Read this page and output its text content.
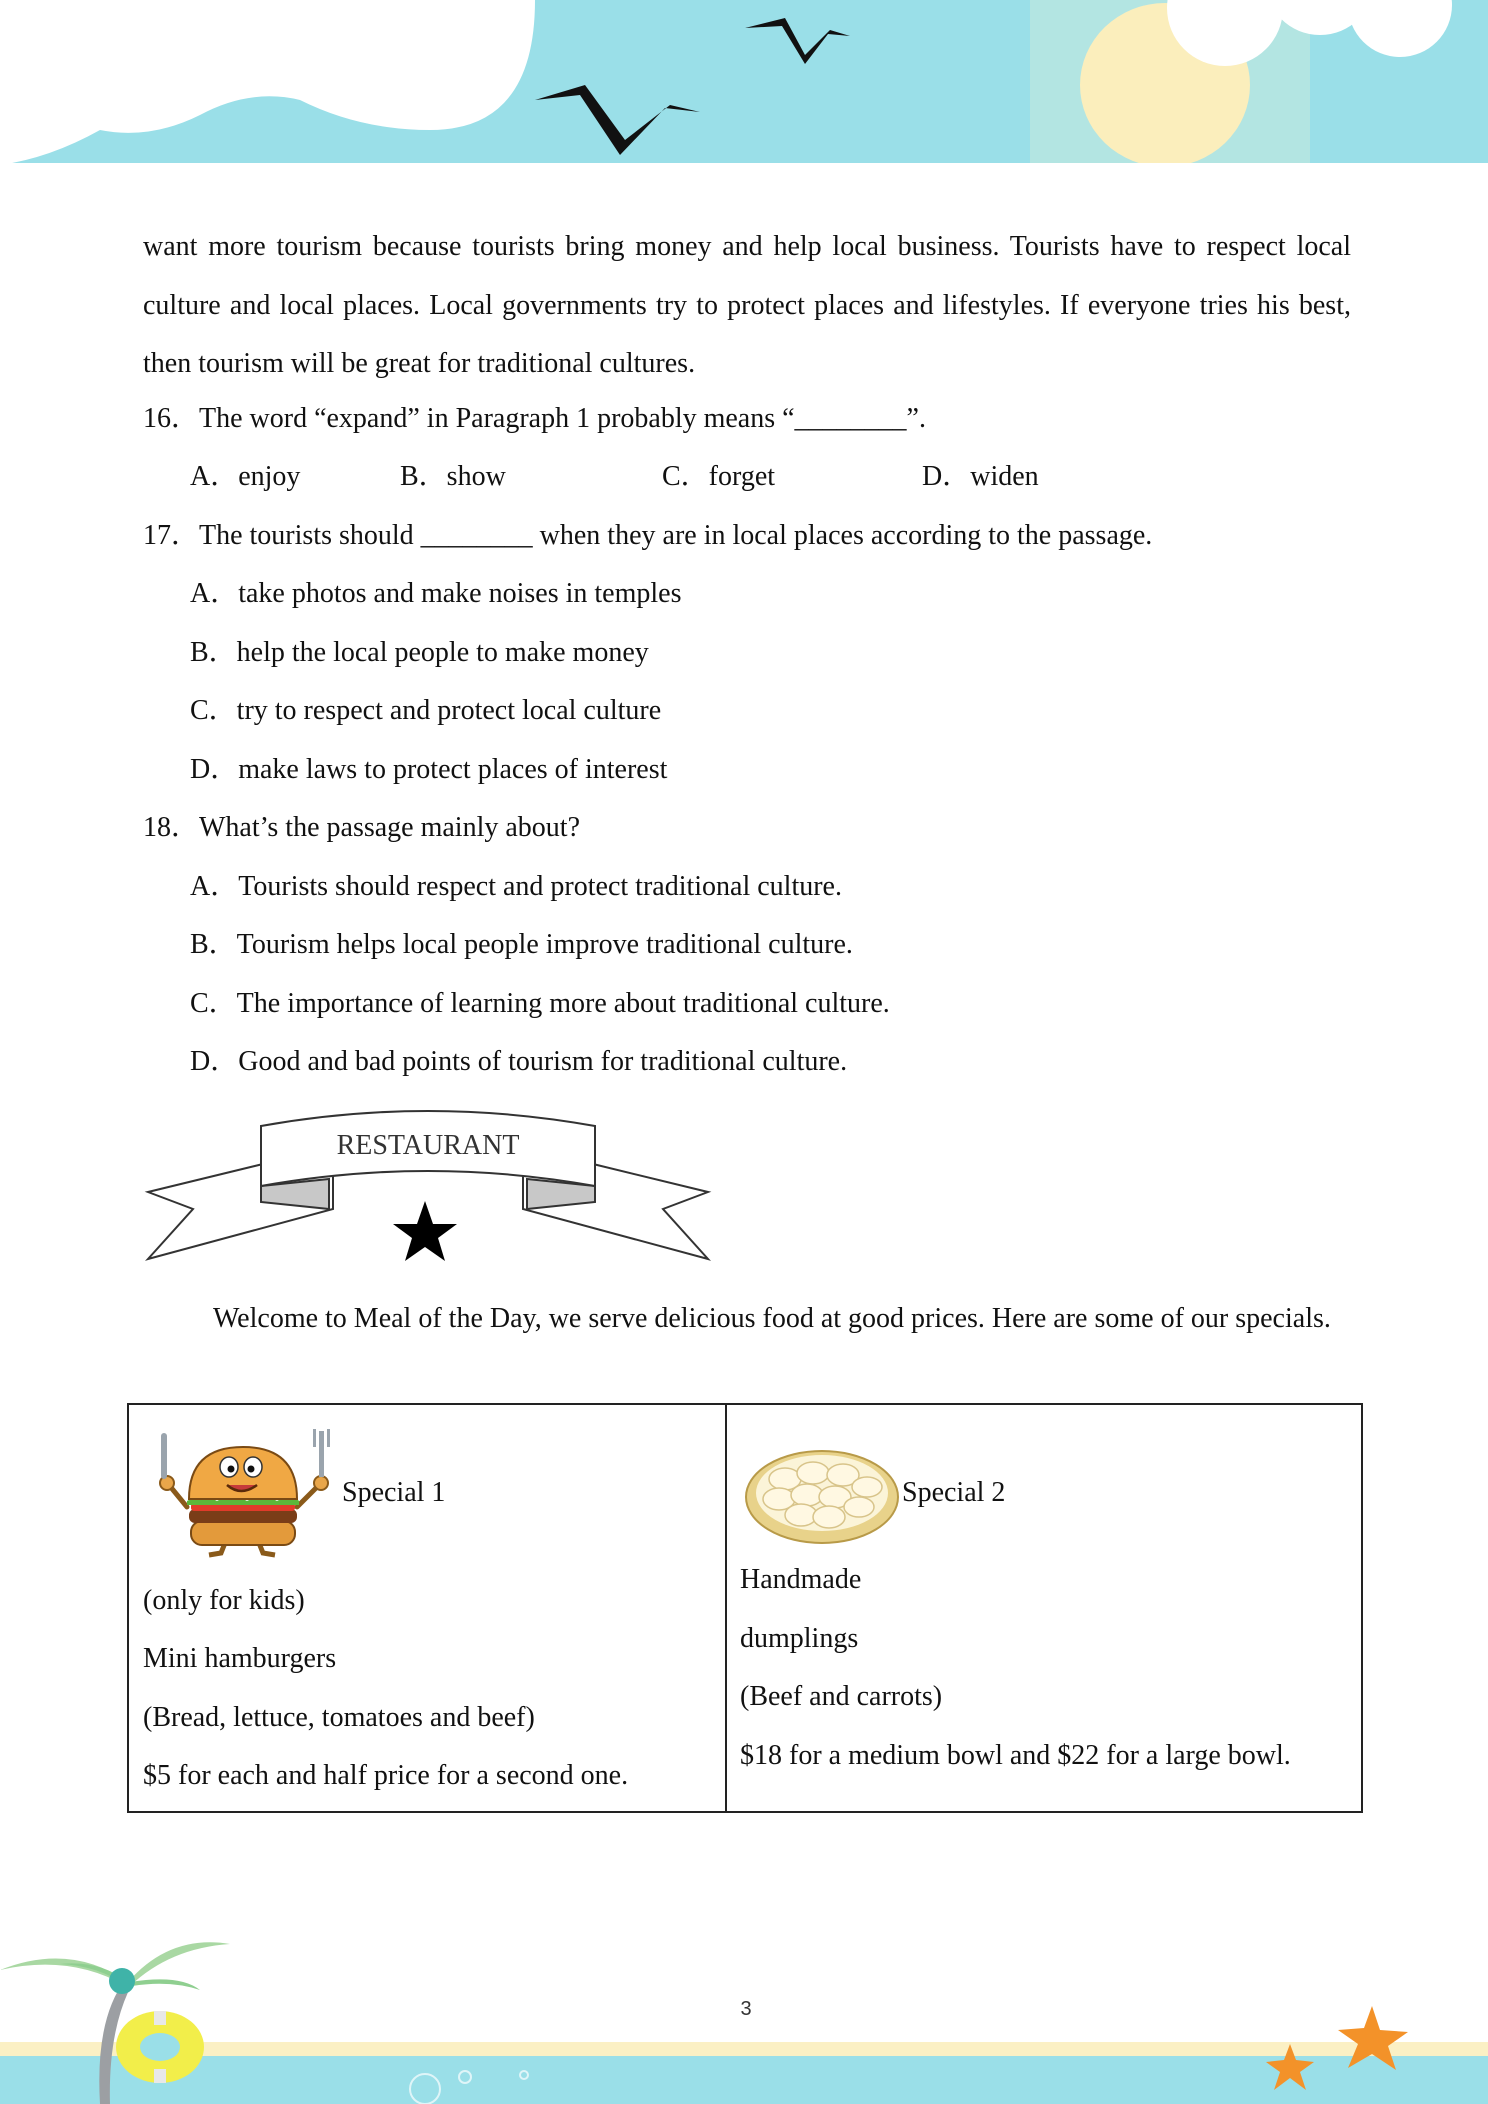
want more tourism because tourists bring money and help local business. Tourists have to respect local culture and local places. Local governments try to protect places and lifestyles. If everyone tries his best, then tourism will be great for traditional cultures.

16．The word “expand” in Paragraph 1 probably means “________”.
A．enjoy	B．show	C．forget	D．widen
17．The tourists should ________ when they are in local places according to the passage.
A．take photos and make noises in temples
B．help the local people to make money
C．try to respect and protect local culture
D．make laws to protect places of interest
18．What’s the passage mainly about?
A．Tourists should respect and protect traditional culture.
B．Tourism helps local people improve traditional culture.
C．The importance of learning more about traditional culture.
D．Good and bad points of tourism for traditional culture.
RESTAURANT

Welcome to Meal of the Day, we serve delicious food at good prices. Here are some of our specials.

Special 1
(only for kids)
Mini hamburgers
(Bread, lettuce, tomatoes and beef)
$5 for each and half price for a second one.
Special 2
Handmade
dumplings
(Beef and carrots)
$18 for a medium bowl and $22 for a large bowl.
3
